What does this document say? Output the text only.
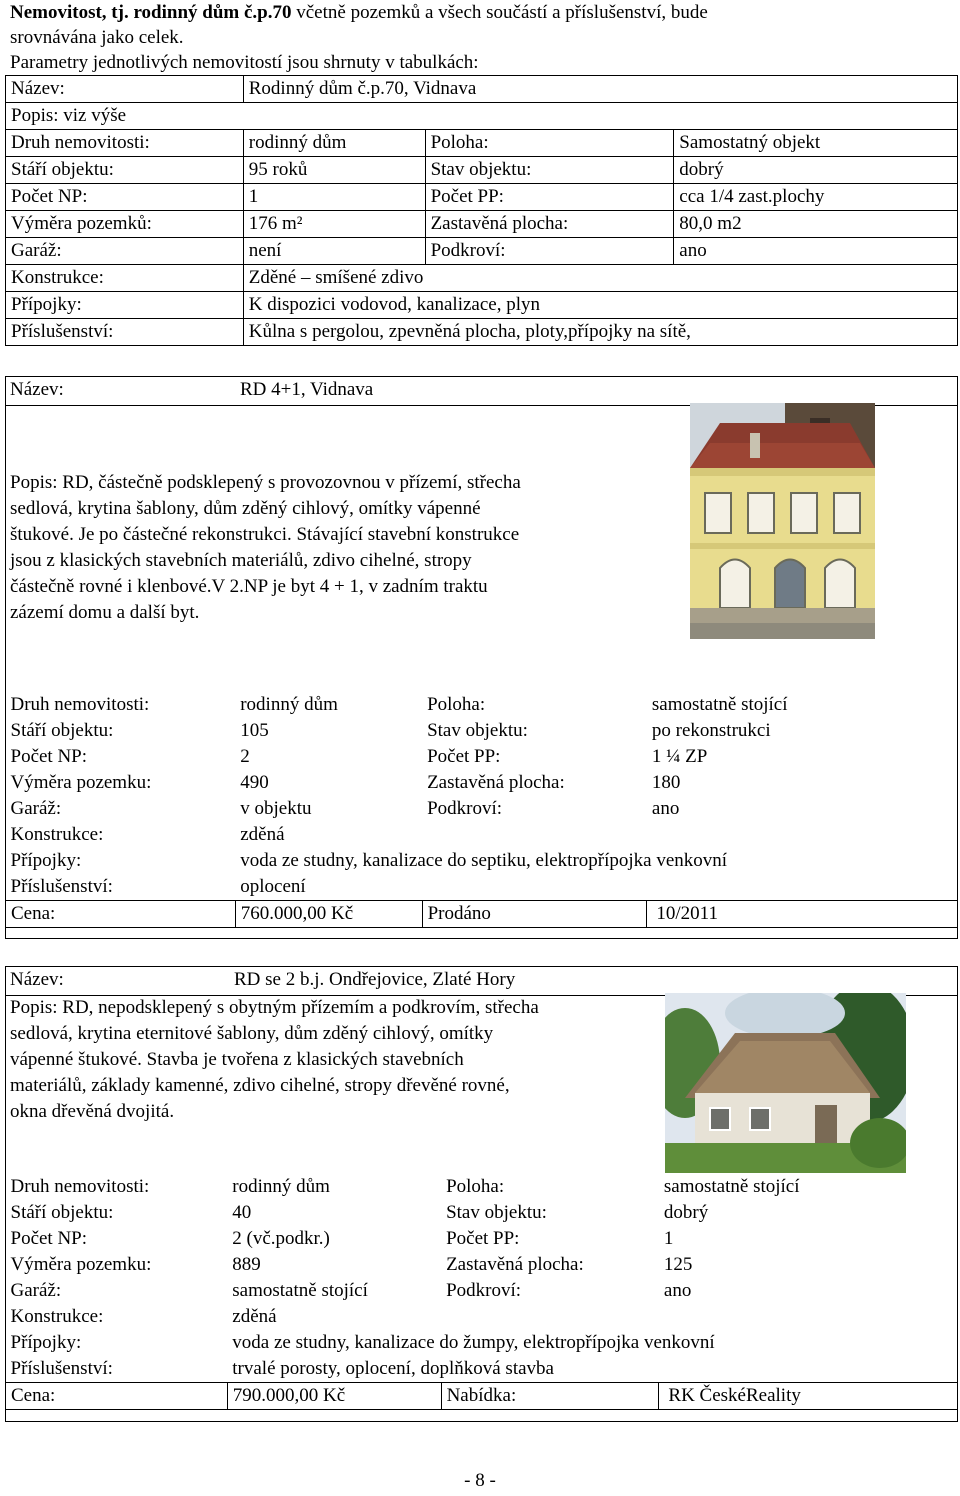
Nemovitost, tj. rodinný dům č.p.70 včetně pozemků a všech součástí a příslušenství, bude

srovnávána jako celek.

Parametry jednotlivých nemovitostí jsou shrnuty v tabulkách:

Název:	Rodinný dům č.p.70, Vidnava		
Popis: viz výše			
Druh nemovitosti:	rodinný dům	Poloha:	Samostatný objekt
Stáří objektu:	95 roků	Stav objektu:	dobrý
Počet NP:	1	Počet PP:	cca 1/4 zast.plochy
Výměra pozemků:	176 m²	Zastavěná plocha:	80,0 m2
Garáž:	není	Podkroví:	ano
Konstrukce:	Zděné – smíšené zdivo		
Přípojky:	K dispozici vodovod, kanalizace, plyn		
Příslušenství:	Kůlna s pergolou, zpevněná plocha, ploty,přípojky na sítě,		
Název:	RD 4+1, Vidnava
Popis: RD, částečně podsklepený s provozovnou v přízemí, střecha
sedlová, krytina šablony, dům zděný cihlový, omítky vápenné
štukové. Je po částečné rekonstrukci. Stávající stavební konstrukce
jsou z klasických stavebních materiálů, zdivo cihelné, stropy
částečně rovné i klenbové.V 2.NP je byt 4 + 1, v zadním traktu
zázemí domu a další byt.
Druh nemovitosti:	rodinný dům	Poloha:	samostatně stojící
Stáří objektu:	105	Stav objektu:	po rekonstrukci
Počet NP:	2	Počet PP:	1 ¼ ZP
Výměra pozemku:	490	Zastavěná plocha:	180
Garáž:	v objektu	Podkroví:	ano
Konstrukce:	zděná		
Přípojky:	voda ze studny, kanalizace do septiku, elektropřípojka venkovní		
Příslušenství:	oplocení		
Cena:	760.000,00 Kč	Prodáno	10/2011
Název:	RD se 2 b.j. Ondřejovice, Zlaté Hory
Popis: RD, nepodsklepený s obytným přízemím a podkrovím, střecha
sedlová, krytina eternitové šablony, dům zděný cihlový, omítky
vápenné štukové. Stavba je tvořena z klasických stavebních
materiálů, základy kamenné, zdivo cihelné, stropy dřevěné rovné,
okna dřevěná dvojitá.
Druh nemovitosti:	rodinný dům	Poloha:	samostatně stojící
Stáří objektu:	40	Stav objektu:	dobrý
Počet NP:	2 (vč.podkr.)	Počet PP:	1
Výměra pozemku:	889	Zastavěná plocha:	125
Garáž:	samostatně stojící	Podkroví:	ano
Konstrukce:	zděná		
Přípojky:	voda ze studny, kanalizace do žumpy, elektropřípojka venkovní		
Příslušenství:	trvalé porosty, oplocení, doplňková stavba		
Cena:	790.000,00 Kč	Nabídka:	RK ČeskéReality
- 8 -
